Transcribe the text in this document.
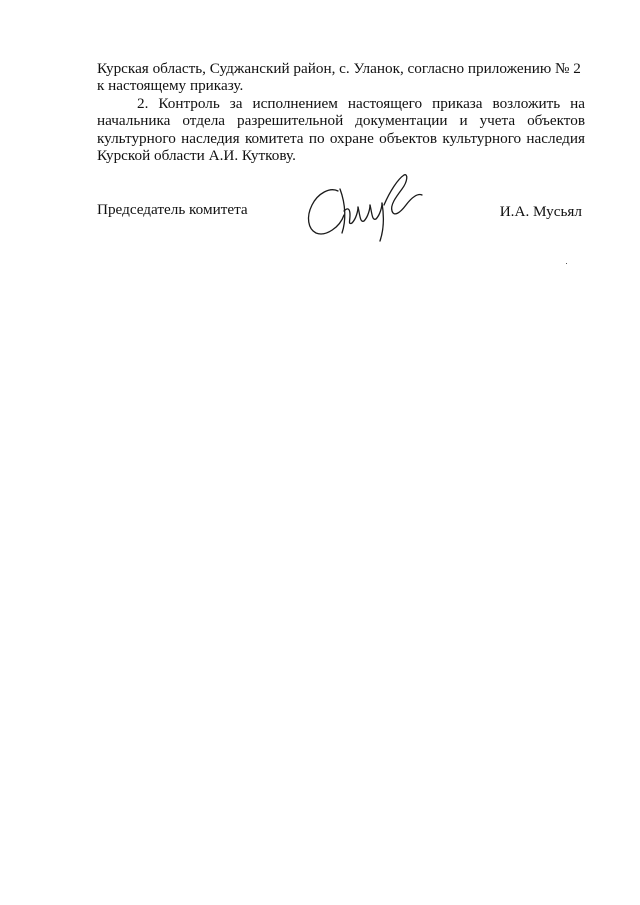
Курская область, Суджанский район, с. Уланок, согласно приложению № 2
к настоящему приказу.

2. Контроль за исполнением настоящего приказа возложить на начальника отдела разрешительной документации и учета объектов культурного наследия комитета по охране объектов культурного наследия Курской области А.И. Куткову.

Председатель комитета	И.А. Мусьял
